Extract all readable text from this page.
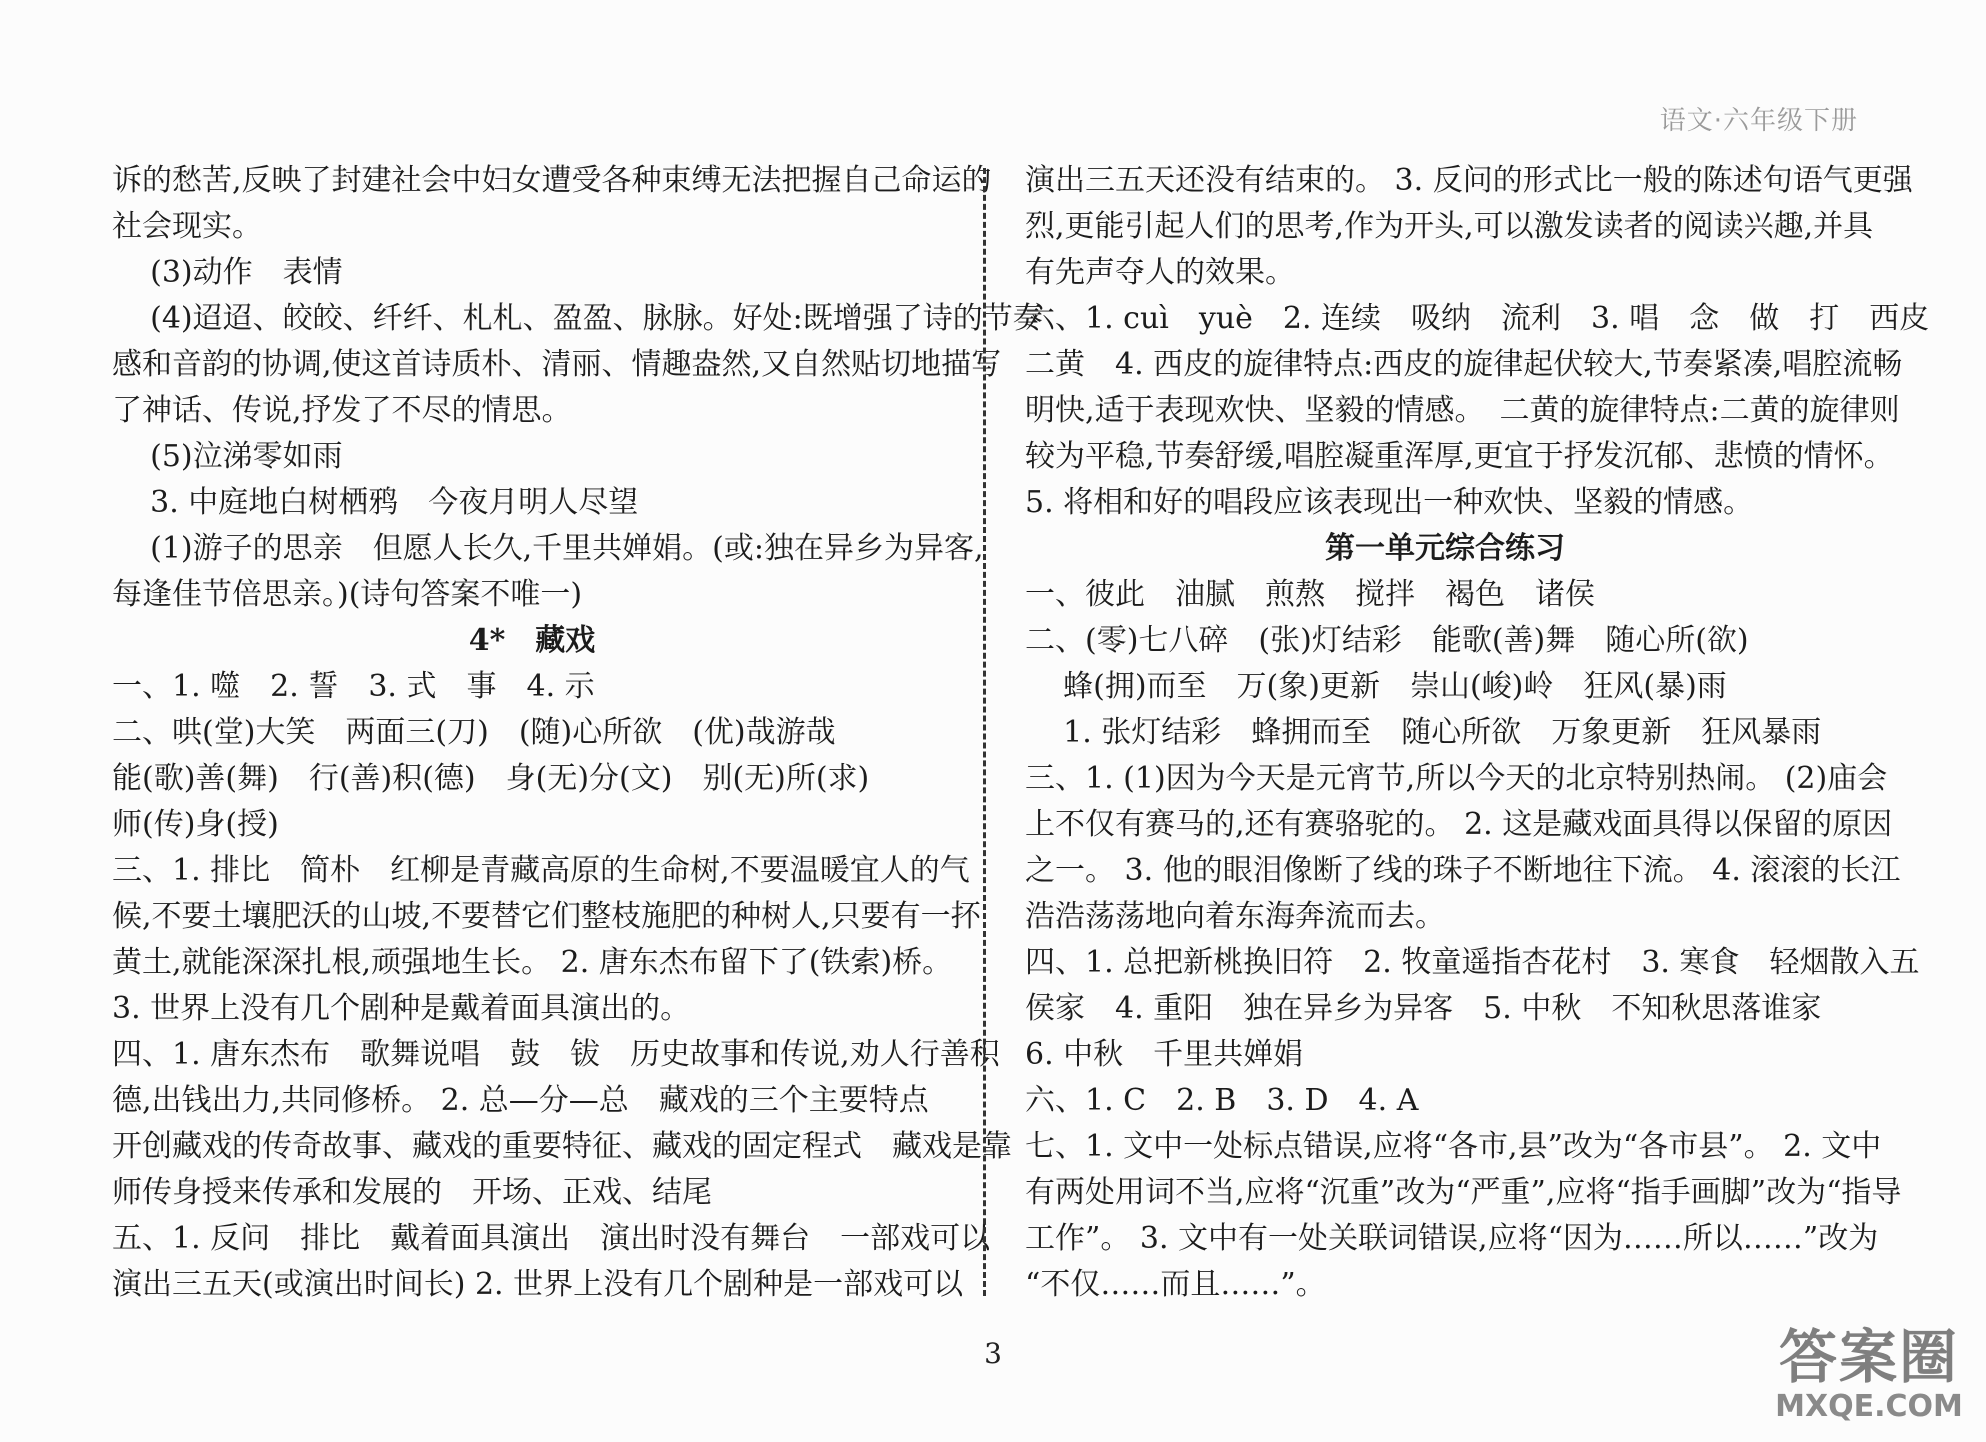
语文·六年级下册
诉的愁苦,反映了封建社会中妇女遭受各种束缚无法把握自己命运的
社会现实。
(3)动作　表情
(4)迢迢、皎皎、纤纤、札札、盈盈、脉脉。好处:既增强了诗的节奏
感和音韵的协调,使这首诗质朴、清丽、情趣盎然,又自然贴切地描写
了神话、传说,抒发了不尽的情思。
(5)泣涕零如雨
3. 中庭地白树栖鸦　今夜月明人尽望
(1)游子的思亲　但愿人长久,千里共婵娟。(或:独在异乡为异客,
每逢佳节倍思亲。)(诗句答案不唯一)
4*　藏戏
一、1. 噬　2. 誓　3. 式　事　4. 示
二、哄(堂)大笑　两面三(刀)　(随)心所欲　(优)哉游哉
能(歌)善(舞)　行(善)积(德)　身(无)分(文)　别(无)所(求)
师(传)身(授)
三、1. 排比　简朴　红柳是青藏高原的生命树,不要温暖宜人的气
候,不要土壤肥沃的山坡,不要替它们整枝施肥的种树人,只要有一抔
黄土,就能深深扎根,顽强地生长。 2. 唐东杰布留下了(铁索)桥。
3. 世界上没有几个剧种是戴着面具演出的。
四、1. 唐东杰布　歌舞说唱　鼓　钹　历史故事和传说,劝人行善积
德,出钱出力,共同修桥。 2. 总—分—总　藏戏的三个主要特点
开创藏戏的传奇故事、藏戏的重要特征、藏戏的固定程式　藏戏是靠
师传身授来传承和发展的　开场、正戏、结尾
五、1. 反问　排比　戴着面具演出　演出时没有舞台　一部戏可以
演出三五天(或演出时间长) 2. 世界上没有几个剧种是一部戏可以
演出三五天还没有结束的。 3. 反问的形式比一般的陈述句语气更强
烈,更能引起人们的思考,作为开头,可以激发读者的阅读兴趣,并具
有先声夺人的效果。
六、1. cuì　yuè　2. 连续　吸纳　流利　3. 唱　念　做　打　西皮
二黄　4. 西皮的旋律特点:西皮的旋律起伏较大,节奏紧凑,唱腔流畅
明快,适于表现欢快、坚毅的情感。　二黄的旋律特点:二黄的旋律则
较为平稳,节奏舒缓,唱腔凝重浑厚,更宜于抒发沉郁、悲愤的情怀。
5. 将相和好的唱段应该表现出一种欢快、坚毅的情感。
第一单元综合练习
一、彼此　油腻　煎熬　搅拌　褐色　诸侯
二、(零)七八碎　(张)灯结彩　能歌(善)舞　随心所(欲)
蜂(拥)而至　万(象)更新　崇山(峻)岭　狂风(暴)雨
1. 张灯结彩　蜂拥而至　随心所欲　万象更新　狂风暴雨
三、1. (1)因为今天是元宵节,所以今天的北京特别热闹。 (2)庙会
上不仅有赛马的,还有赛骆驼的。 2. 这是藏戏面具得以保留的原因
之一。 3. 他的眼泪像断了线的珠子不断地往下流。 4. 滚滚的长江
浩浩荡荡地向着东海奔流而去。
四、1. 总把新桃换旧符　2. 牧童遥指杏花村　3. 寒食　轻烟散入五
侯家　4. 重阳　独在异乡为异客　5. 中秋　不知秋思落谁家
6. 中秋　千里共婵娟
六、1. C　2. B　3. D　4. A
七、1. 文中一处标点错误,应将“各市,县”改为“各市县”。 2. 文中
有两处用词不当,应将“沉重”改为“严重”,应将“指手画脚”改为“指导
工作”。 3. 文中有一处关联词错误,应将“因为……所以……”改为
“不仅……而且……”。
3	答案圈
MXQE.COM
